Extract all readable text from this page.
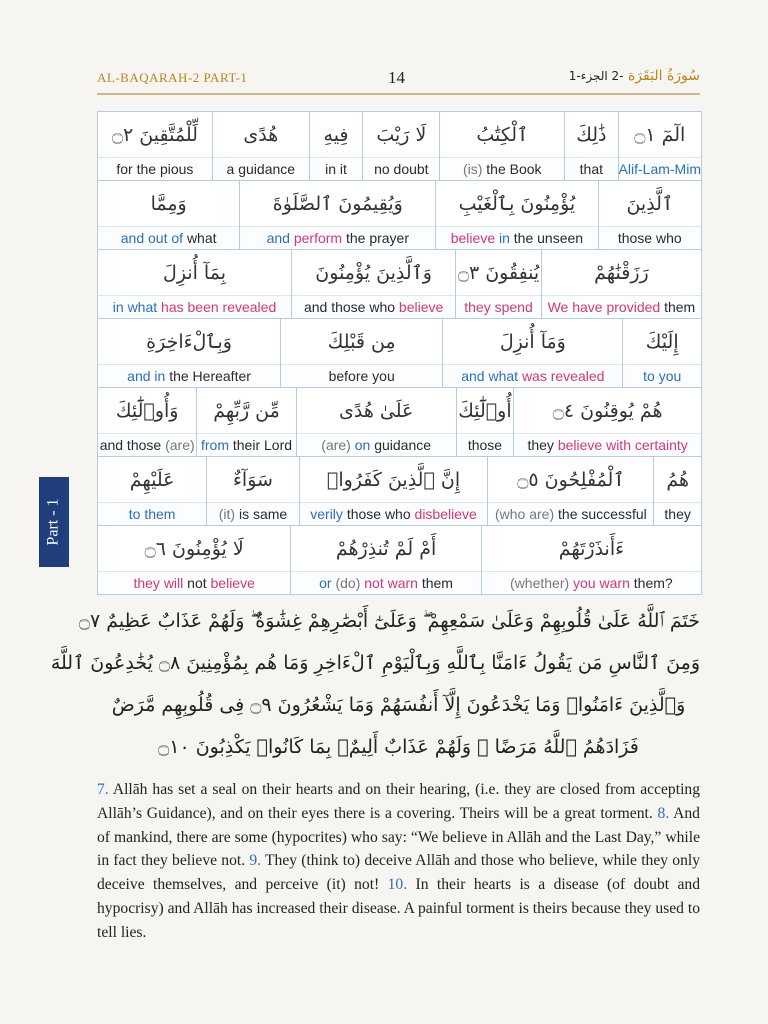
AL-BAQARAH-2 PART-1	14	سُورَةُ البَقَرَة -2 الجزء-1
Part - 1
الٓمٓ ۝١
Alif-Lam-Mim
ذَٰلِكَ
that
ٱلْكِتَٰبُ
(is) the Book
لَا رَيْبَ
no doubt
فِيهِ
in it
هُدًى
a guidance
لِّلْمُتَّقِينَ ۝٢
for the pious
ٱلَّذِينَ
those who
يُؤْمِنُونَ بِٱلْغَيْبِ
believe in the unseen
وَيُقِيمُونَ ٱلصَّلَوٰةَ
and perform the prayer
وَمِمَّا
and out of what
رَزَقْنَٰهُمْ
We have provided them
يُنفِقُونَ ۝٣
they spend
وَٱلَّذِينَ يُؤْمِنُونَ
and those who believe
بِمَآ أُنزِلَ
in what has been revealed
إِلَيْكَ
to you
وَمَآ أُنزِلَ
and what was revealed
مِن قَبْلِكَ
before you
وَبِٱلْءَاخِرَةِ
and in the Hereafter
هُمْ يُوقِنُونَ ۝٤
they believe with certainty
أُو۟لَٰٓئِكَ
those
عَلَىٰ هُدًى
(are) on guidance
مِّن رَّبِّهِمْ
from their Lord
وَأُو۟لَٰٓئِكَ
and those (are)
هُمُ
they
ٱلْمُفْلِحُونَ ۝٥
(who are) the successful
إِنَّ ٱلَّذِينَ كَفَرُوا۟
verily those who disbelieve
سَوَآءٌ
(it) is same
عَلَيْهِمْ
to them
ءَأَنذَرْتَهُمْ
(whether) you warn them?
أَمْ لَمْ تُنذِرْهُمْ
or (do) not warn them
لَا يُؤْمِنُونَ ۝٦
they will not believe
خَتَمَ ٱللَّهُ عَلَىٰ قُلُوبِهِمْ وَعَلَىٰ سَمْعِهِمْ ۖ وَعَلَىٰٓ أَبْصَٰرِهِمْ غِشَٰوَةٌ ۖ وَلَهُمْ عَذَابٌ عَظِيمٌ ۝٧
وَمِنَ ٱلنَّاسِ مَن يَقُولُ ءَامَنَّا بِٱللَّهِ وَبِٱلْيَوْمِ ٱلْءَاخِرِ وَمَا هُم بِمُؤْمِنِينَ ۝٨ يُخَٰدِعُونَ ٱللَّهَ
وَٱلَّذِينَ ءَامَنُوا۟ وَمَا يَخْدَعُونَ إِلَّآ أَنفُسَهُمْ وَمَا يَشْعُرُونَ ۝٩ فِى قُلُوبِهِم مَّرَضٌ
فَزَادَهُمُ ٱللَّهُ مَرَضًا ۖ وَلَهُمْ عَذَابٌ أَلِيمٌۢ بِمَا كَانُوا۟ يَكْذِبُونَ ۝١٠
7. Allāh has set a seal on their hearts and on their hearing, (i.e. they are closed from accepting Allāh’s Guidance), and on their eyes there is a covering. Theirs will be a great torment. 8. And of mankind, there are some (hypocrites) who say: “We believe in Allāh and the Last Day,” while in fact they believe not. 9. They (think to) deceive Allāh and those who believe, while they only deceive themselves, and perceive (it) not! 10. In their hearts is a disease (of doubt and hypocrisy) and Allāh has increased their disease. A painful torment is theirs because they used to tell lies.
